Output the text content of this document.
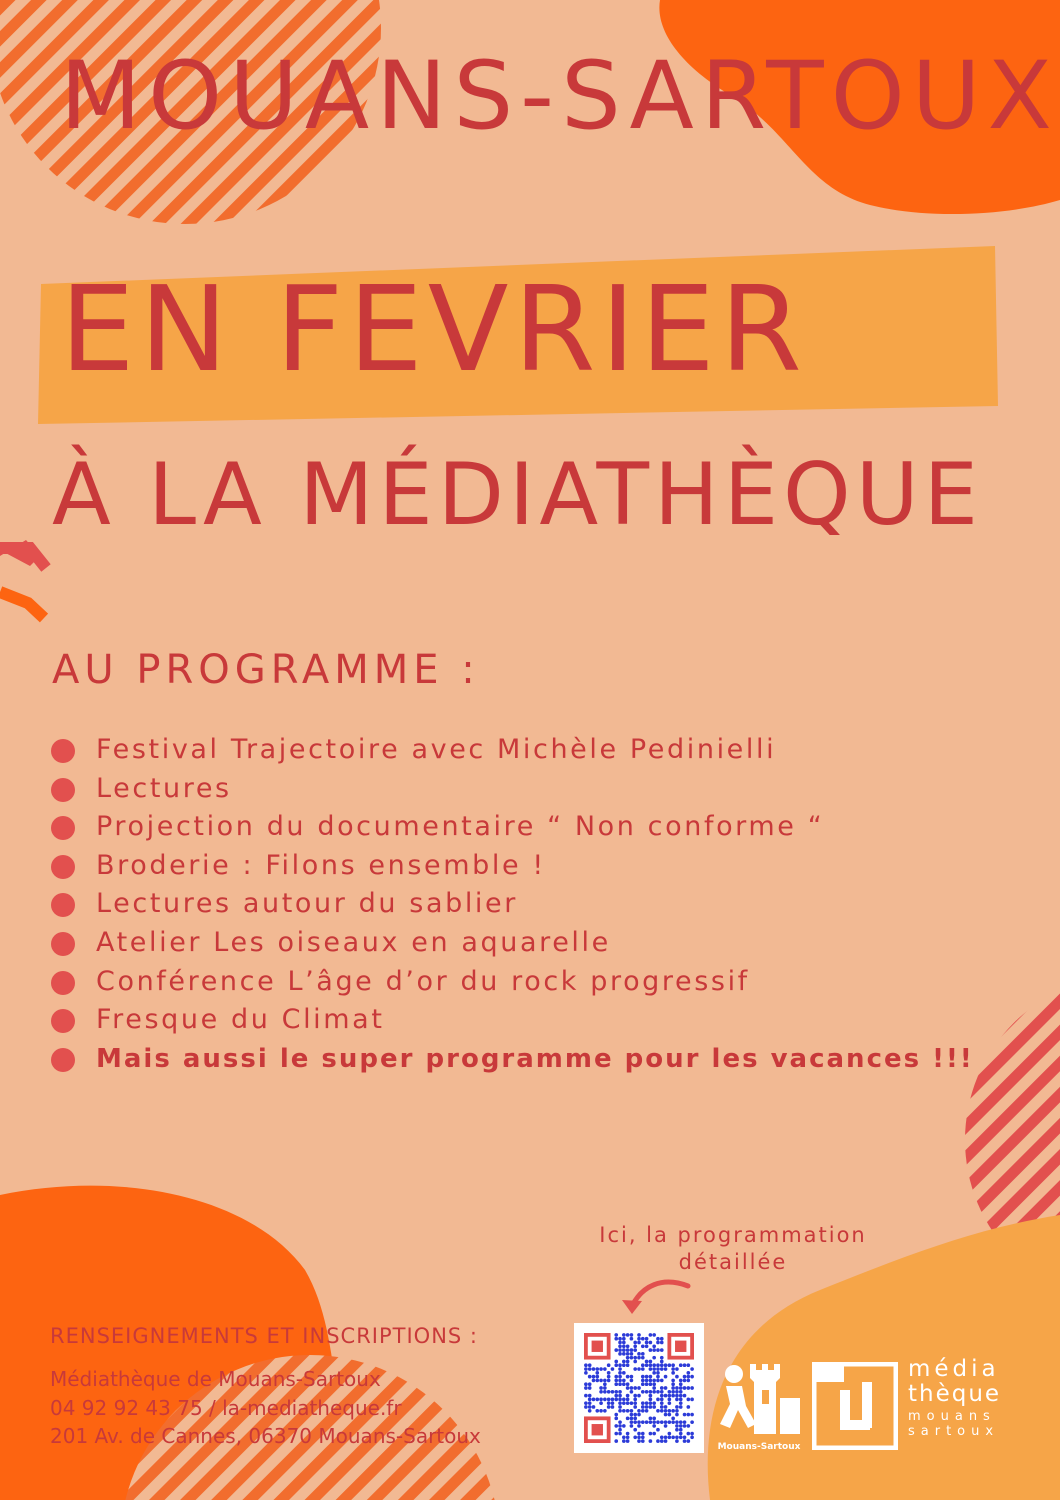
MOUANS-SARTOUX
EN FEVRIER
À LA MÉDIATHÈQUE
AU PROGRAMME :
Festival Trajectoire avec Michèle Pedinielli
Lectures
Projection du documentaire “ Non conforme “
Broderie : Filons ensemble !
Lectures autour du sablier
Atelier Les oiseaux en aquarelle
Conférence L’âge d’or du rock progressif
Fresque du Climat
Mais aussi le super programme pour les vacances !!!
Ici, la programmation
détaillée
RENSEIGNEMENTS ET INSCRIPTIONS :
Médiathèque de Mouans-Sartoux
04 92 92 43 75 / la-mediatheque.fr
201 Av. de Cannes, 06370 Mouans-Sartoux	Mouans-Sartoux
média
thèque
mouans
sartoux
